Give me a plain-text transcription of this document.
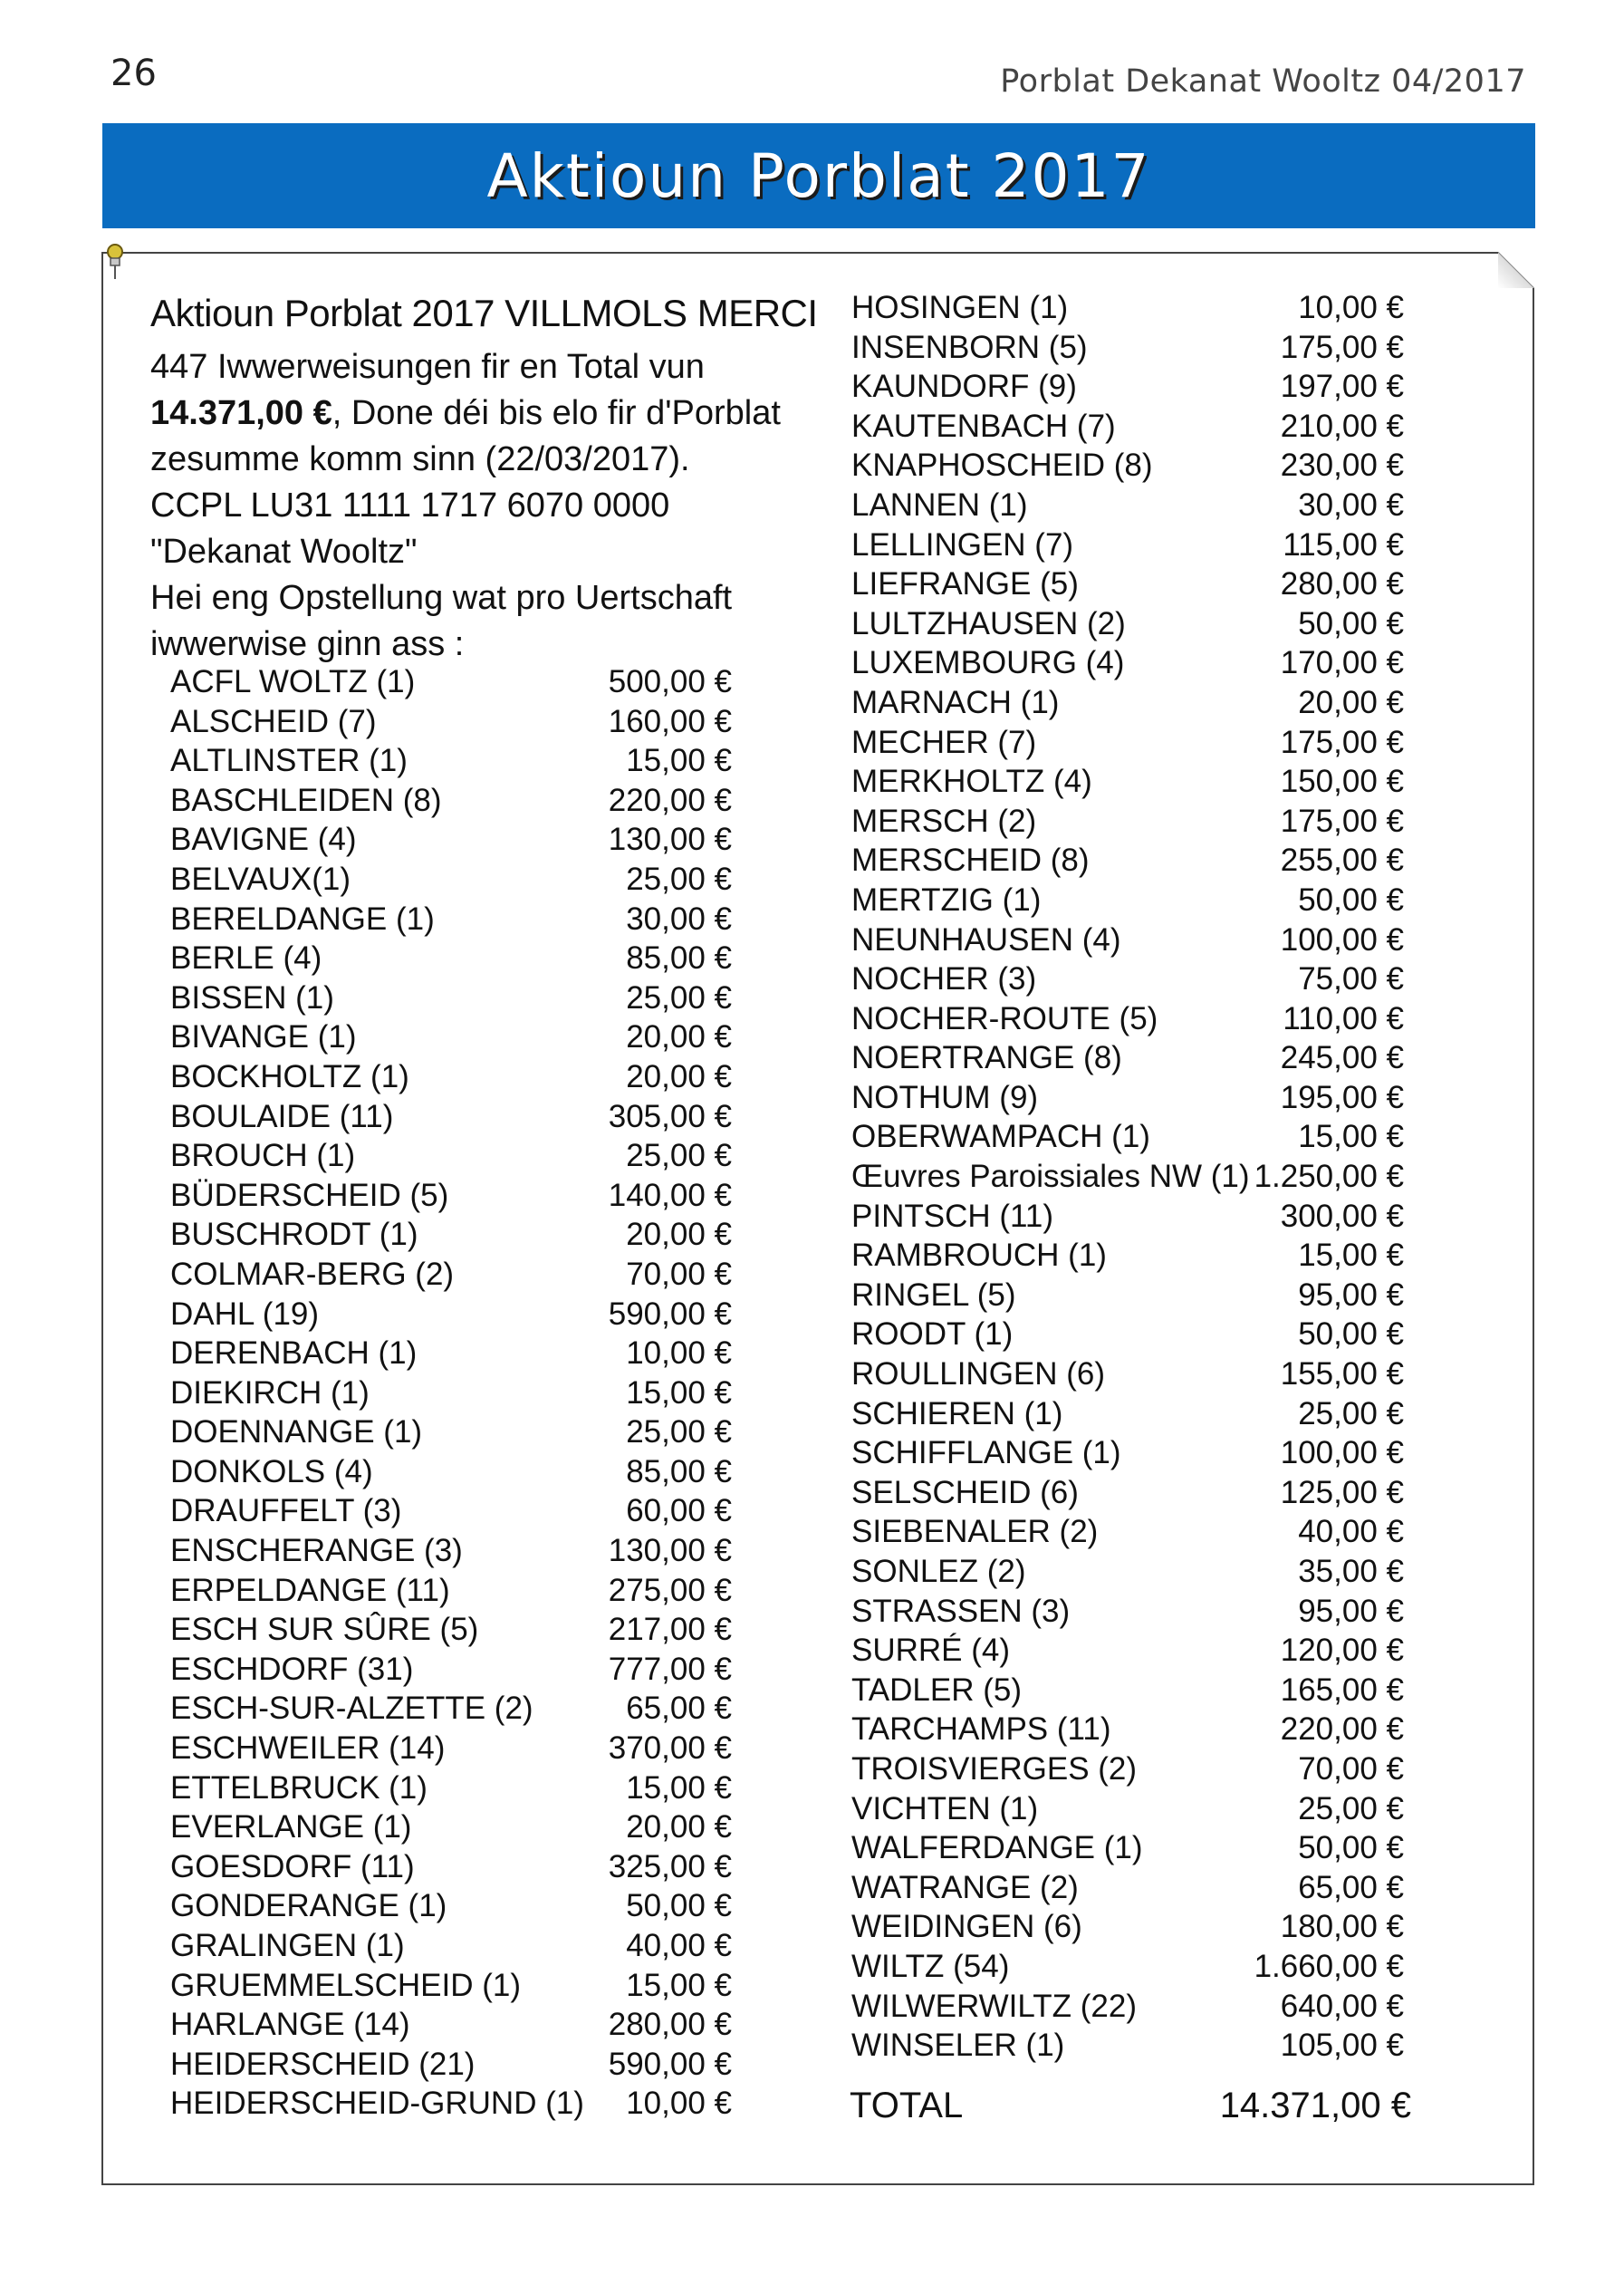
26	Porblat Dekanat Wooltz 04/2017
Aktioun Porblat 2017
Aktioun Porblat 2017 VILLMOLS MERCI
447 Iwwerweisungen fir en Total vun
14.371,00 €, Done déi bis elo fir d'Porblat
zesumme komm sinn (22/03/2017).
CCPL LU31 1111 1717 6070 0000
"Dekanat Wooltz"
Hei eng Opstellung wat pro Uertschaft
iwwerwise ginn ass :
ACFL WOLTZ (1)	500,00 €
ALSCHEID (7)	160,00 €
ALTLINSTER (1)	15,00 €
BASCHLEIDEN (8)	220,00 €
BAVIGNE (4)	130,00 €
BELVAUX(1)	25,00 €
BERELDANGE (1)	30,00 €
BERLE (4)	85,00 €
BISSEN (1)	25,00 €
BIVANGE (1)	20,00 €
BOCKHOLTZ (1)	20,00 €
BOULAIDE (11)	305,00 €
BROUCH (1)	25,00 €
BÜDERSCHEID (5)	140,00 €
BUSCHRODT (1)	20,00 €
COLMAR-BERG (2)	70,00 €
DAHL (19)	590,00 €
DERENBACH (1)	10,00 €
DIEKIRCH (1)	15,00 €
DOENNANGE (1)	25,00 €
DONKOLS (4)	85,00 €
DRAUFFELT (3)	60,00 €
ENSCHERANGE (3)	130,00 €
ERPELDANGE (11)	275,00 €
ESCH SUR SÛRE (5)	217,00 €
ESCHDORF (31)	777,00 €
ESCH-SUR-ALZETTE (2)	65,00 €
ESCHWEILER (14)	370,00 €
ETTELBRUCK (1)	15,00 €
EVERLANGE (1)	20,00 €
GOESDORF (11)	325,00 €
GONDERANGE (1)	50,00 €
GRALINGEN (1)	40,00 €
GRUEMMELSCHEID (1)	15,00 €
HARLANGE (14)	280,00 €
HEIDERSCHEID (21)	590,00 €
HEIDERSCHEID-GRUND (1) 10,00 €
HOSINGEN (1)	10,00 €
INSENBORN (5)	175,00 €
KAUNDORF (9)	197,00 €
KAUTENBACH (7)	210,00 €
KNAPHOSCHEID (8)	230,00 €
LANNEN (1)	30,00 €
LELLINGEN (7)	115,00 €
LIEFRANGE (5)	280,00 €
LULTZHAUSEN (2)	50,00 €
LUXEMBOURG (4)	170,00 €
MARNACH (1)	20,00 €
MECHER (7)	175,00 €
MERKHOLTZ (4)	150,00 €
MERSCH (2)	175,00 €
MERSCHEID (8)	255,00 €
MERTZIG (1)	50,00 €
NEUNHAUSEN (4)	100,00 €
NOCHER (3)	75,00 €
NOCHER-ROUTE (5)	110,00 €
NOERTRANGE (8)	245,00 €
NOTHUM (9)	195,00 €
OBERWAMPACH (1)	15,00 €
Œuvres Paroissiales NW (1) 1.250,00 €
PINTSCH (11)	300,00 €
RAMBROUCH (1)	15,00 €
RINGEL (5)	95,00 €
ROODT (1)	50,00 €
ROULLINGEN (6)	155,00 €
SCHIEREN (1)	25,00 €
SCHIFFLANGE (1)	100,00 €
SELSCHEID (6)	125,00 €
SIEBENALER (2)	40,00 €
SONLEZ (2)	35,00 €
STRASSEN (3)	95,00 €
SURRÉ (4)	120,00 €
TADLER (5)	165,00 €
TARCHAMPS (11)	220,00 €
TROISVIERGES (2)	70,00 €
VICHTEN (1)	25,00 €
WALFERDANGE (1)	50,00 €
WATRANGE (2)	65,00 €
WEIDINGEN (6)	180,00 €
WILTZ (54)	1.660,00 €
WILWERWILTZ (22)	640,00 €
WINSELER (1)	105,00 €
TOTAL	14.371,00 €
